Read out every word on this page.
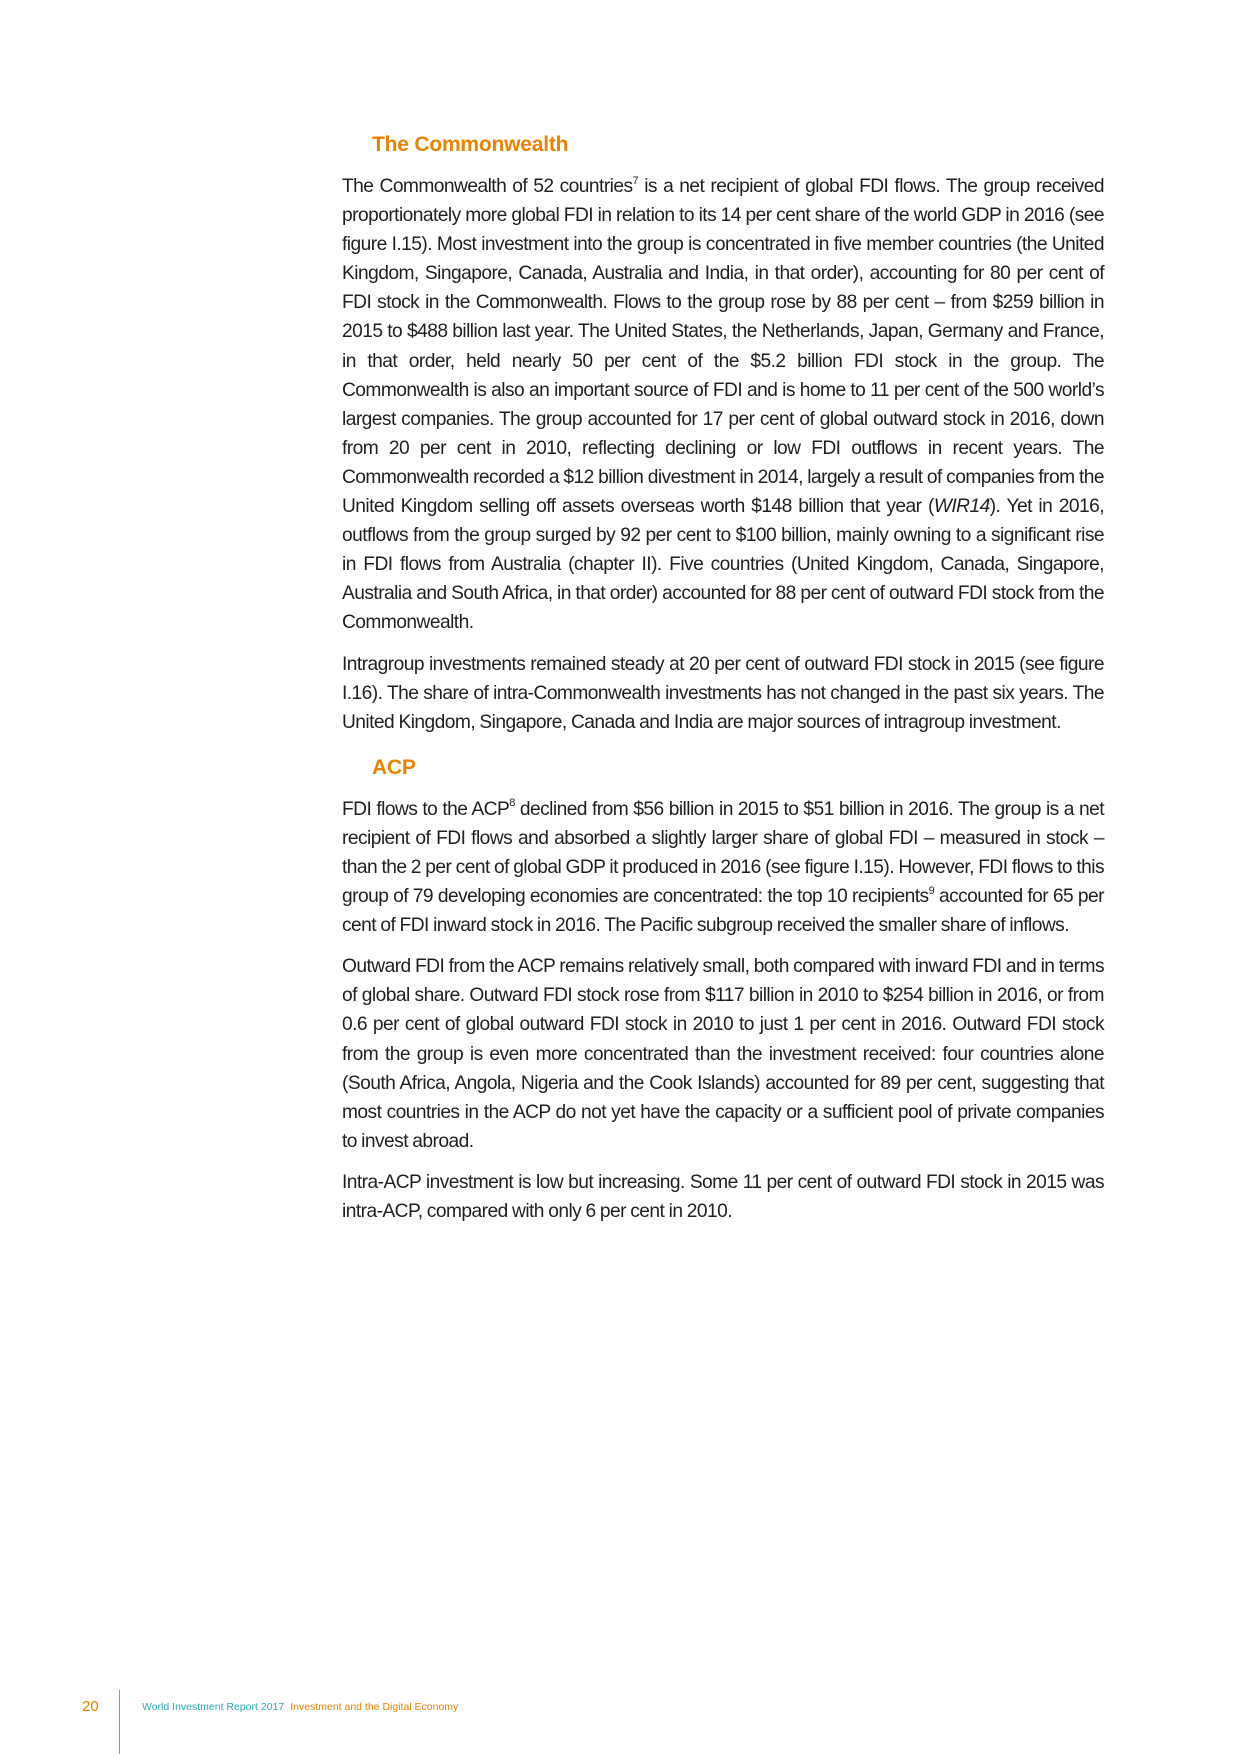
The Commonwealth

The Commonwealth of 52 countries$^7$ is a net recipient of global FDI flows. The group received proportionately more global FDI in relation to its 14 per cent share of the world GDP in 2016 (see figure I.15). Most investment into the group is concentrated in five member countries (the United Kingdom, Singapore, Canada, Australia and India, in that order), accounting for 80 per cent of FDI stock in the Commonwealth. Flows to the group rose by 88 per cent – from $259 billion in 2015 to $488 billion last year. The United States, the Netherlands, Japan, Germany and France, in that order, held nearly 50 per cent of the $5.2 billion FDI stock in the group. The Commonwealth is also an important source of FDI and is home to 11 per cent of the 500 world’s largest companies. The group accounted for 17 per cent of global outward stock in 2016, down from 20 per cent in 2010, reflecting declining or low FDI outflows in recent years. The Commonwealth recorded a $12 billion divestment in 2014, largely a result of companies from the United Kingdom selling off assets overseas worth $148 billion that year (WIR14). Yet in 2016, outflows from the group surged by 92 per cent to $100 billion, mainly owning to a significant rise in FDI flows from Australia (chapter II). Five countries (United Kingdom, Canada, Singapore, Australia and South Africa, in that order) accounted for 88 per cent of outward FDI stock from the Commonwealth.

Intragroup investments remained steady at 20 per cent of outward FDI stock in 2015 (see figure I.16). The share of intra-Commonwealth investments has not changed in the past six years. The United Kingdom, Singapore, Canada and India are major sources of intragroup investment.

ACP

FDI flows to the ACP$^8$ declined from $56 billion in 2015 to $51 billion in 2016. The group is a net recipient of FDI flows and absorbed a slightly larger share of global FDI – measured in stock – than the 2 per cent of global GDP it produced in 2016 (see figure I.15). However, FDI flows to this group of 79 developing economies are concentrated: the top 10 recipients$^9$ accounted for 65 per cent of FDI inward stock in 2016. The Pacific subgroup received the smaller share of inflows.

Outward FDI from the ACP remains relatively small, both compared with inward FDI and in terms of global share. Outward FDI stock rose from $117 billion in 2010 to $254 billion in 2016, or from 0.6 per cent of global outward FDI stock in 2010 to just 1 per cent in 2016. Outward FDI stock from the group is even more concentrated than the investment received: four countries alone (South Africa, Angola, Nigeria and the Cook Islands) accounted for 89 per cent, suggesting that most countries in the ACP do not yet have the capacity or a sufficient pool of private companies to invest abroad.

Intra-ACP investment is low but increasing. Some 11 per cent of outward FDI stock in 2015 was intra-ACP, compared with only 6 per cent in 2010.

20	World Investment Report 2017 Investment and the Digital Economy
